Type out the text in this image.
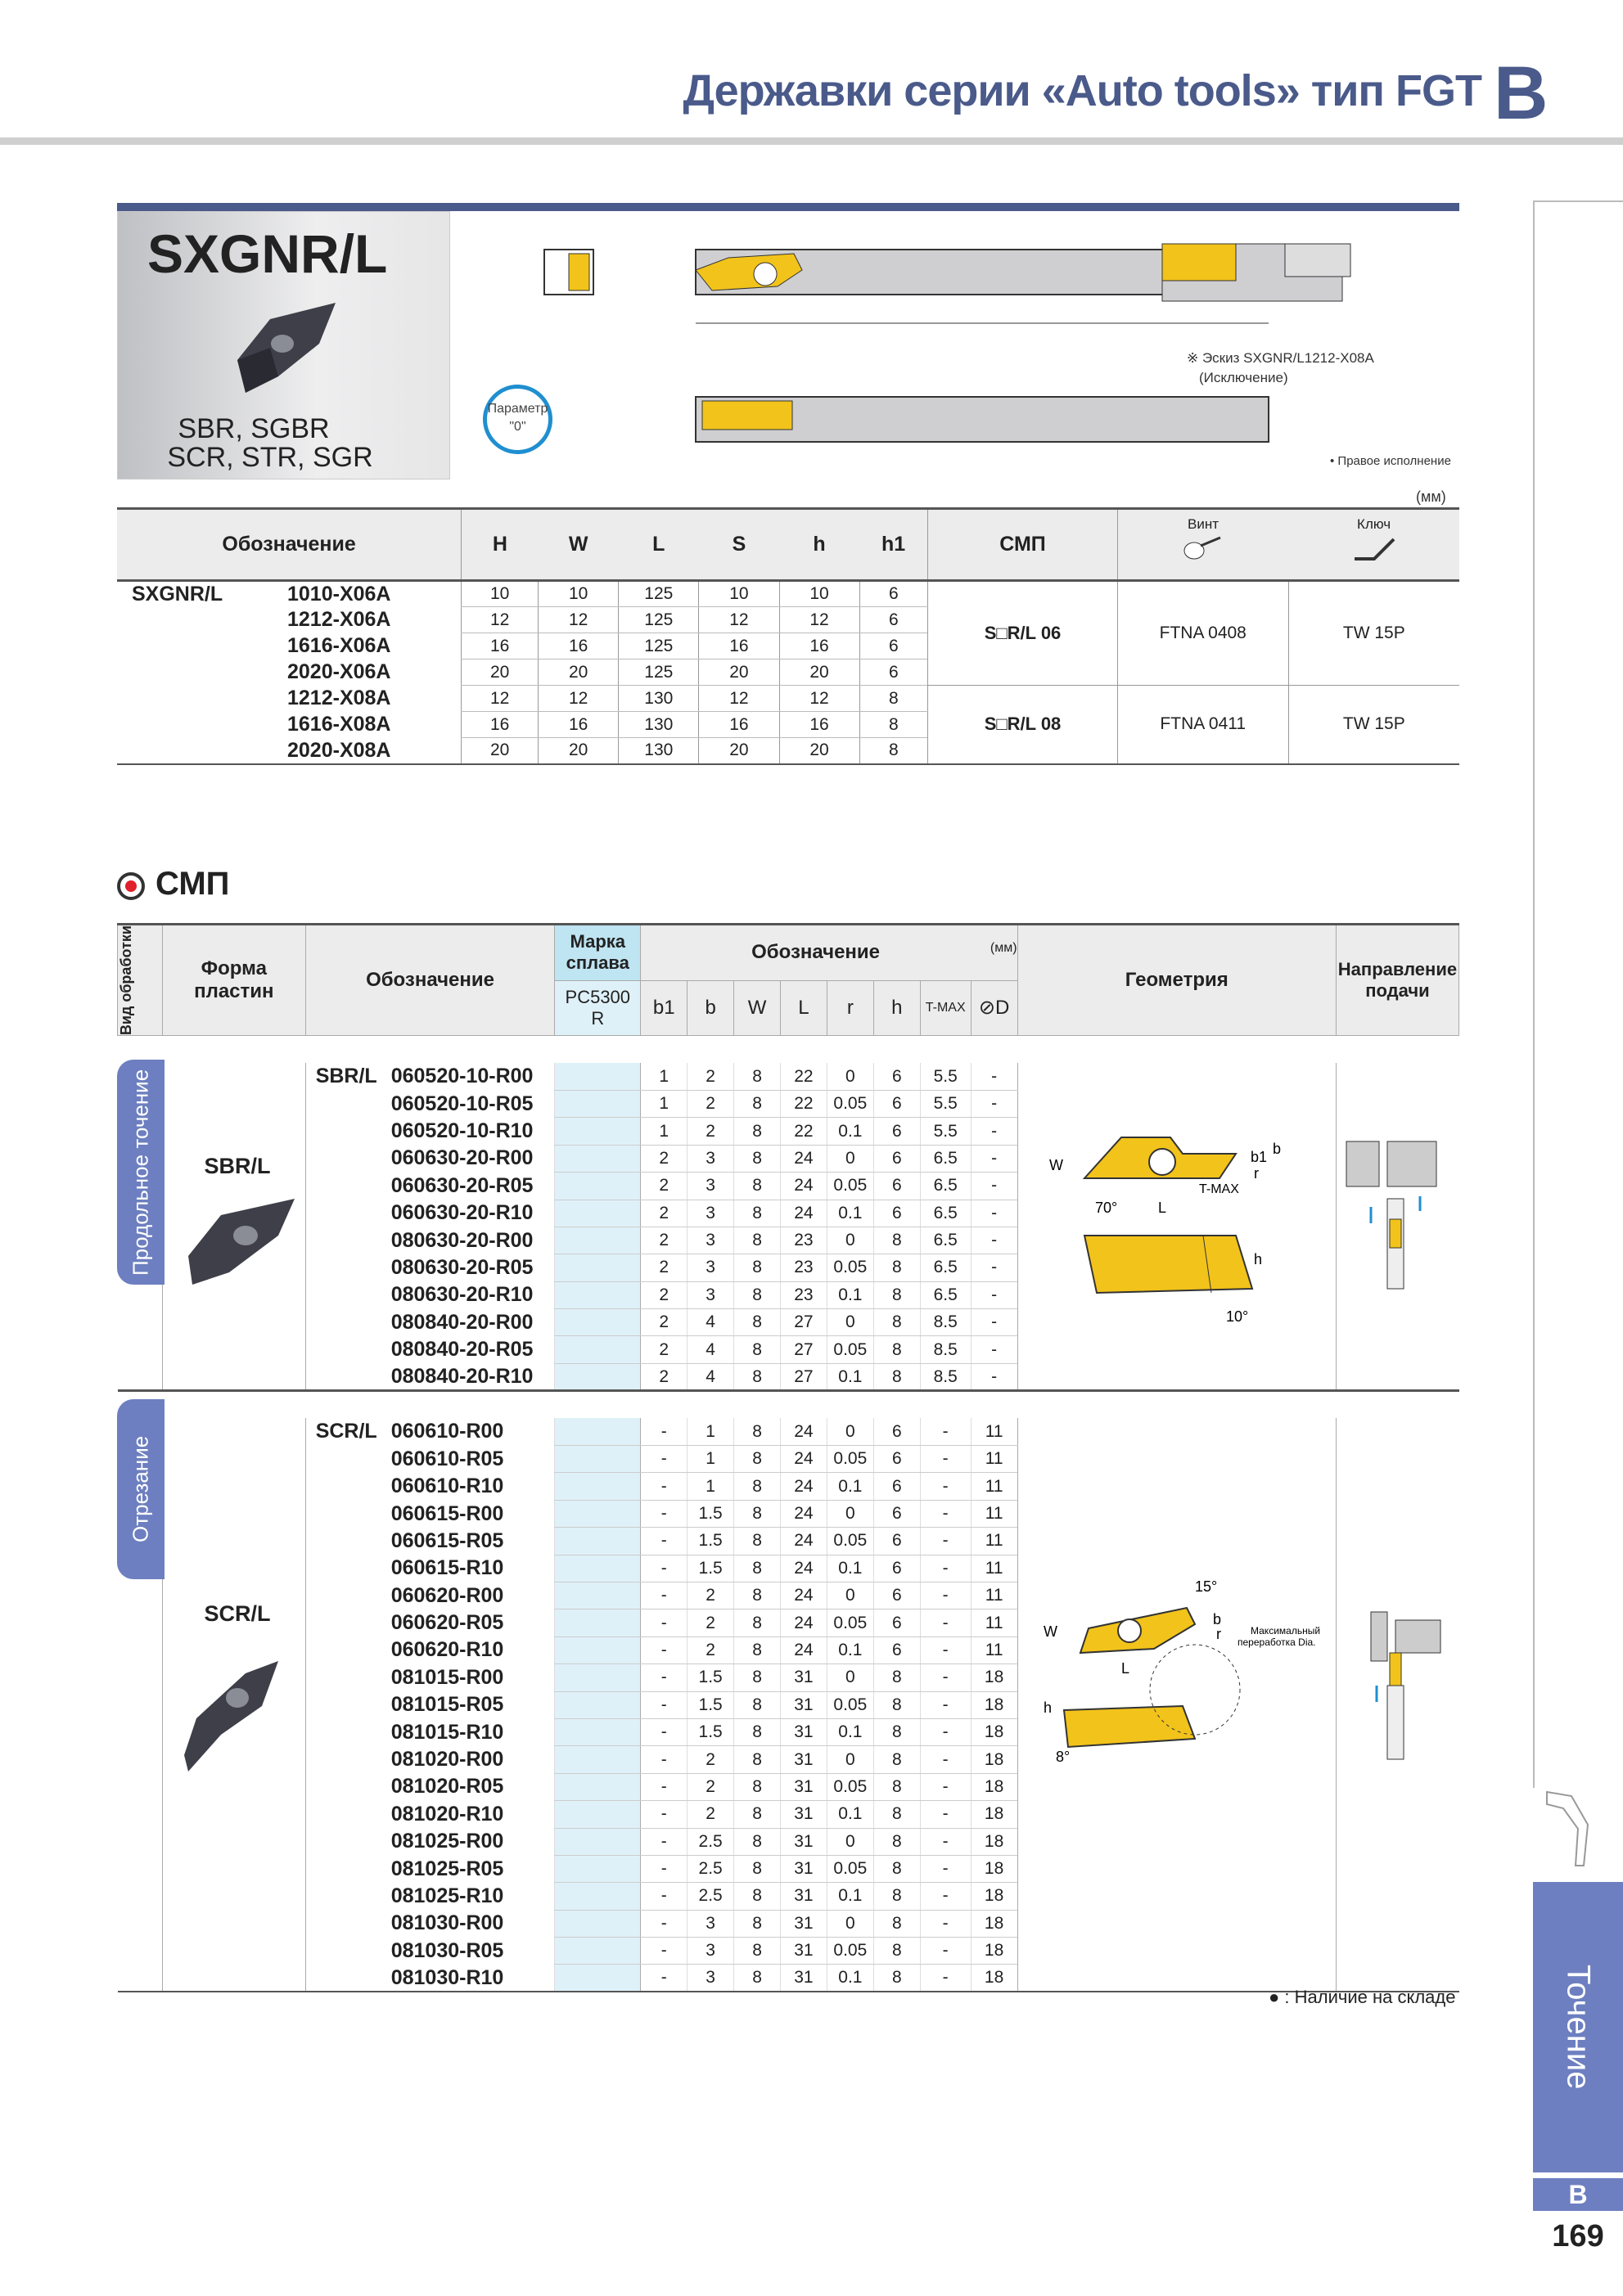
Державки серии «Auto tools» тип FGT B
Точение
B
169
SXGNR/L
SBR, SGBR
SCR, STR, SGR
Параметр "0"
※ Эскиз SXGNR/L1212-X08A
(Исключение)
• Правое исполнение
(мм)
Обозначение	H	W	L	S	h	h1	СМП	Винт	Ключ

SXGNR/L 1010-X06A	10	10	125	10	10	6	S□R/L 06	FTNA 0408	TW 15P
1212-X06A	12	12	125	12	12	6			
1616-X06A	16	16	125	16	16	6			
2020-X06A	20	20	125	20	20	6			
1212-X08A	12	12	130	12	12	8	S□R/L 08	FTNA 0411	TW 15P
1616-X08A	16	16	130	16	16	8			
2020-X08A	20	20	130	20	20	8			
СМП
Вид обработки	Форма пластин	Обозначение	Марка сплава	Обозначение (мм)								Геометрия	Направление подачи

			PC5300
R	b1	b	W	L	r	h	T-MAX	⊘D		

		SBR/L 060520-10-R00		1	2	8	22	0	6	5.5	-		
		060520-10-R05		1	2	8	22	0.05	6	5.5	-		
		060520-10-R10		1	2	8	22	0.1	6	5.5	-		
		060630-20-R00		2	3	8	24	0	6	6.5	-		
		060630-20-R05		2	3	8	24	0.05	6	6.5	-		
		060630-20-R10		2	3	8	24	0.1	6	6.5	-		
		080630-20-R00		2	3	8	23	0	8	6.5	-		
		080630-20-R05		2	3	8	23	0.05	8	6.5	-		
		080630-20-R10		2	3	8	23	0.1	8	6.5	-		
		080840-20-R00		2	4	8	27	0	8	8.5	-		
		080840-20-R05		2	4	8	27	0.05	8	8.5	-		
		080840-20-R10		2	4	8	27	0.1	8	8.5	-		

		SCR/L 060610-R00		-	1	8	24	0	6	-	11		
		060610-R05		-	1	8	24	0.05	6	-	11		
		060610-R10		-	1	8	24	0.1	6	-	11		
		060615-R00		-	1.5	8	24	0	6	-	11		
		060615-R05		-	1.5	8	24	0.05	6	-	11		
		060615-R10		-	1.5	8	24	0.1	6	-	11		
		060620-R00		-	2	8	24	0	6	-	11		
		060620-R05		-	2	8	24	0.05	6	-	11		
		060620-R10		-	2	8	24	0.1	6	-	11		
		081015-R00		-	1.5	8	31	0	8	-	18		
		081015-R05		-	1.5	8	31	0.05	8	-	18		
		081015-R10		-	1.5	8	31	0.1	8	-	18		
		081020-R00		-	2	8	31	0	8	-	18		
		081020-R05		-	2	8	31	0.05	8	-	18		
		081020-R10		-	2	8	31	0.1	8	-	18		
		081025-R00		-	2.5	8	31	0	8	-	18		
		081025-R05		-	2.5	8	31	0.05	8	-	18		
		081025-R10		-	2.5	8	31	0.1	8	-	18		
		081030-R00		-	3	8	31	0	8	-	18		
		081030-R05		-	3	8	31	0.05	8	-	18		
		081030-R10		-	3	8	31	0.1	8	-	18		

Продольное точение
Отрезание
SBR/L
SCR/L
W	b1 b
r
T-MAX
70°	L
h
10°
15°
b
r
W
L
h
8°
Максимальный
переработка Dia.
● : Наличие на складе
